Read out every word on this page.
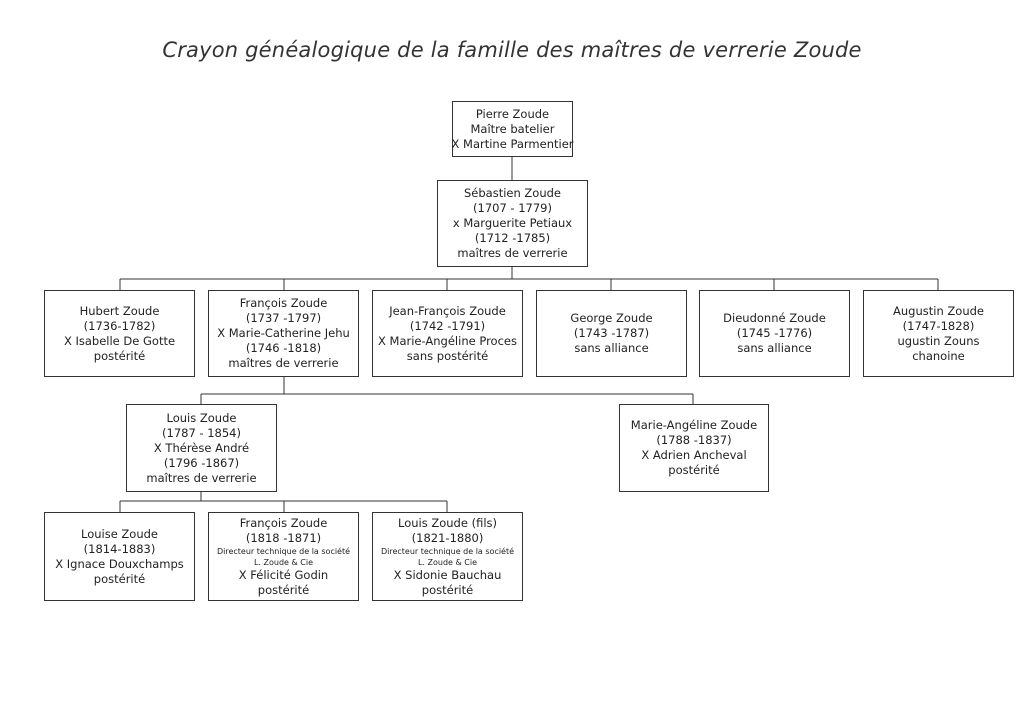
Crayon généalogique de la famille des maîtres de verrerie Zoude
Pierre Zoude
Maître batelier
X Martine Parmentier
Sébastien Zoude
(1707 - 1779)
x Marguerite Petiaux
(1712 -1785)
maîtres de verrerie
Hubert Zoude
(1736-1782)
X Isabelle De Gotte
postérité
François Zoude
(1737 -1797)
X Marie-Catherine Jehu
(1746 -1818)
maîtres de verrerie
Jean-François Zoude
(1742 -1791)
X Marie-Angéline Proces
sans postérité
George Zoude
(1743 -1787)
sans alliance
Dieudonné Zoude
(1745 -1776)
sans alliance
Augustin Zoude
(1747-1828)
ugustin Zouns
chanoine
Louis Zoude
(1787 - 1854)
X Thérèse André
(1796 -1867)
maîtres de verrerie
Marie-Angéline Zoude
(1788 -1837)
X Adrien Ancheval
postérité
Louise Zoude
(1814-1883)
X Ignace Douxchamps
postérité
François Zoude
(1818 -1871)
Directeur technique de la société
L. Zoude & Cie
X Félicité Godin
postérité
Louis Zoude (fils)
(1821-1880)
Directeur technique de la société
L. Zoude & Cie
X Sidonie Bauchau
postérité
